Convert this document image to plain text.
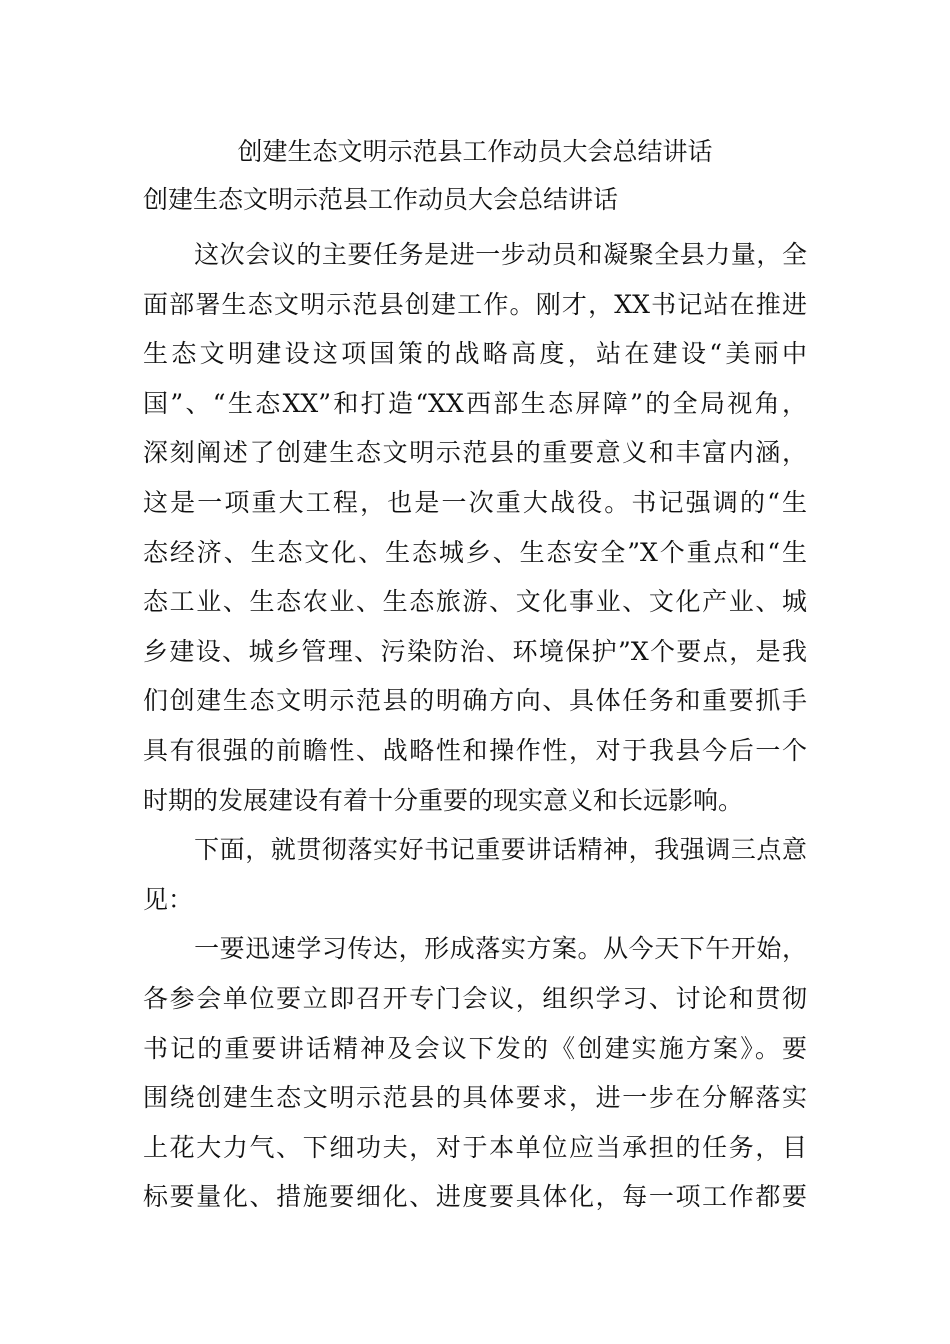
创建生态文明示范县工作动员大会总结讲话
创建生态文明示范县工作动员大会总结讲话

　　这次会议的主要任务是进一步动员和凝聚全县力量，全
面部署生态文明示范县创建工作。刚才，XX书记站在推进
生态文明建设这项国策的战略高度，站在建设“美丽中
国”、“生态XX”和打造“XX西部生态屏障”的全局视角，
深刻阐述了创建生态文明示范县的重要意义和丰富内涵，
这是一项重大工程，也是一次重大战役。书记强调的“生
态经济、生态文化、生态城乡、生态安全”X个重点和“生
态工业、生态农业、生态旅游、文化事业、文化产业、城
乡建设、城乡管理、污染防治、环境保护”X个要点，是我
们创建生态文明示范县的明确方向、具体任务和重要抓手
具有很强的前瞻性、战略性和操作性，对于我县今后一个
时期的发展建设有着十分重要的现实意义和长远影响。

　　下面，就贯彻落实好书记重要讲话精神，我强调三点意
见：

　　一要迅速学习传达，形成落实方案。从今天下午开始，
各参会单位要立即召开专门会议，组织学习、讨论和贯彻
书记的重要讲话精神及会议下发的《创建实施方案》。要
围绕创建生态文明示范县的具体要求，进一步在分解落实
上花大力气、下细功夫，对于本单位应当承担的任务，目
标要量化、措施要细化、进度要具体化，每一项工作都要
